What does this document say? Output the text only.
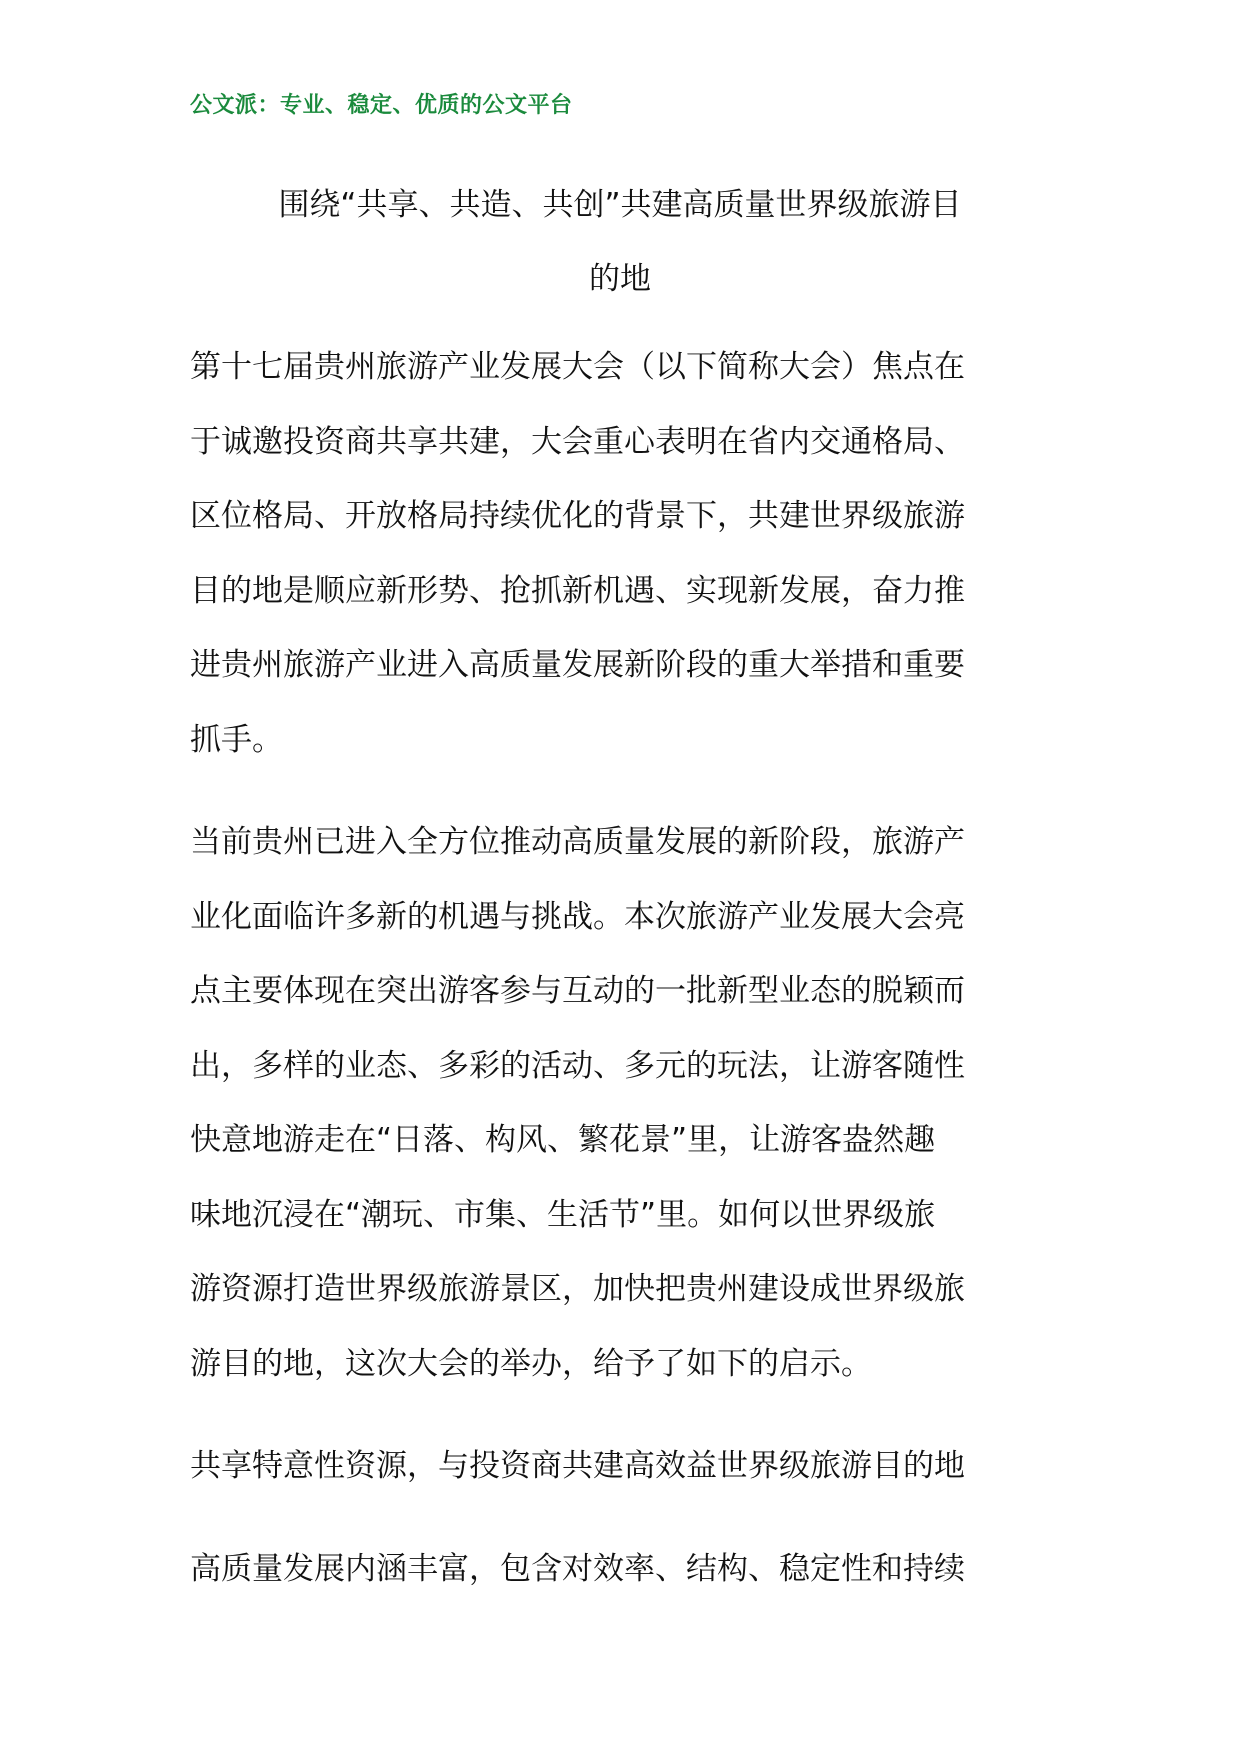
公文派：专业、稳定、优质的公文平台
围绕“共享、共造、共创”共建高质量世界级旅游目
的地
第十七届贵州旅游产业发展大会（以下简称大会）焦点在
于诚邀投资商共享共建，大会重心表明在省内交通格局、
区位格局、开放格局持续优化的背景下，共建世界级旅游
目的地是顺应新形势、抢抓新机遇、实现新发展，奋力推
进贵州旅游产业进入高质量发展新阶段的重大举措和重要
抓手。
当前贵州已进入全方位推动高质量发展的新阶段，旅游产
业化面临许多新的机遇与挑战。本次旅游产业发展大会亮
点主要体现在突出游客参与互动的一批新型业态的脱颖而
出，多样的业态、多彩的活动、多元的玩法，让游客随性
快意地游走在“日落、构风、繁花景”里，让游客盎然趣
味地沉浸在“潮玩、市集、生活节”里。如何以世界级旅
游资源打造世界级旅游景区，加快把贵州建设成世界级旅
游目的地，这次大会的举办，给予了如下的启示。
共享特意性资源，与投资商共建高效益世界级旅游目的地
高质量发展内涵丰富，包含对效率、结构、稳定性和持续
